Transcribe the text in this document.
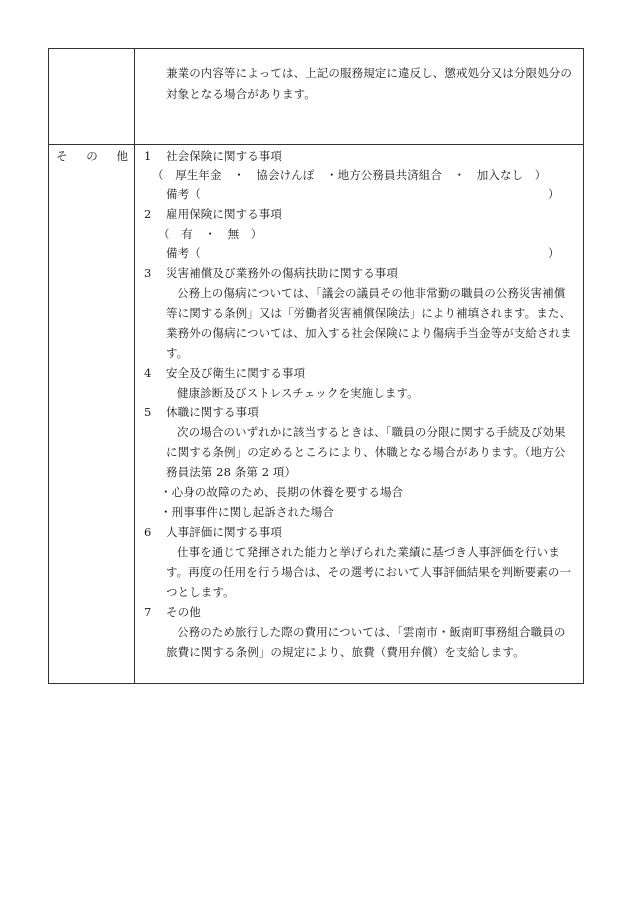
兼業の内容等によっては、上記の服務規定に違反し、懲戒処分又は分限処分の
対象となる場合があります。
そ の 他 1 社会保険に関する事項
（　厚生年金　・　協会けんぽ　・地方公務員共済組合　・　加入なし　）
備考（	）
2 雇用保険に関する事項
（　有　・　無　）
備考（	）
3 災害補償及び業務外の傷病扶助に関する事項
公務上の傷病については、「議会の議員その他非常勤の職員の公務災害補償
等に関する条例」又は「労働者災害補償保険法」により補填されます。また、
業務外の傷病については、加入する社会保険により傷病手当金等が支給されま
す。
4 安全及び衛生に関する事項
健康診断及びストレスチェックを実施します。
5 休職に関する事項
次の場合のいずれかに該当するときは、「職員の分限に関する手続及び効果
に関する条例」の定めるところにより、休職となる場合があります。（地方公
務員法第 28 条第 2 項）
・心身の故障のため、長期の休養を要する場合
・刑事事件に関し起訴された場合
6 人事評価に関する事項
仕事を通じて発揮された能力と挙げられた業績に基づき人事評価を行いま
す。再度の任用を行う場合は、その選考において人事評価結果を判断要素の一
つとします。
7 その他
公務のため旅行した際の費用については、「雲南市・飯南町事務組合職員の
旅費に関する条例」の規定により、旅費（費用弁償）を支給します。
